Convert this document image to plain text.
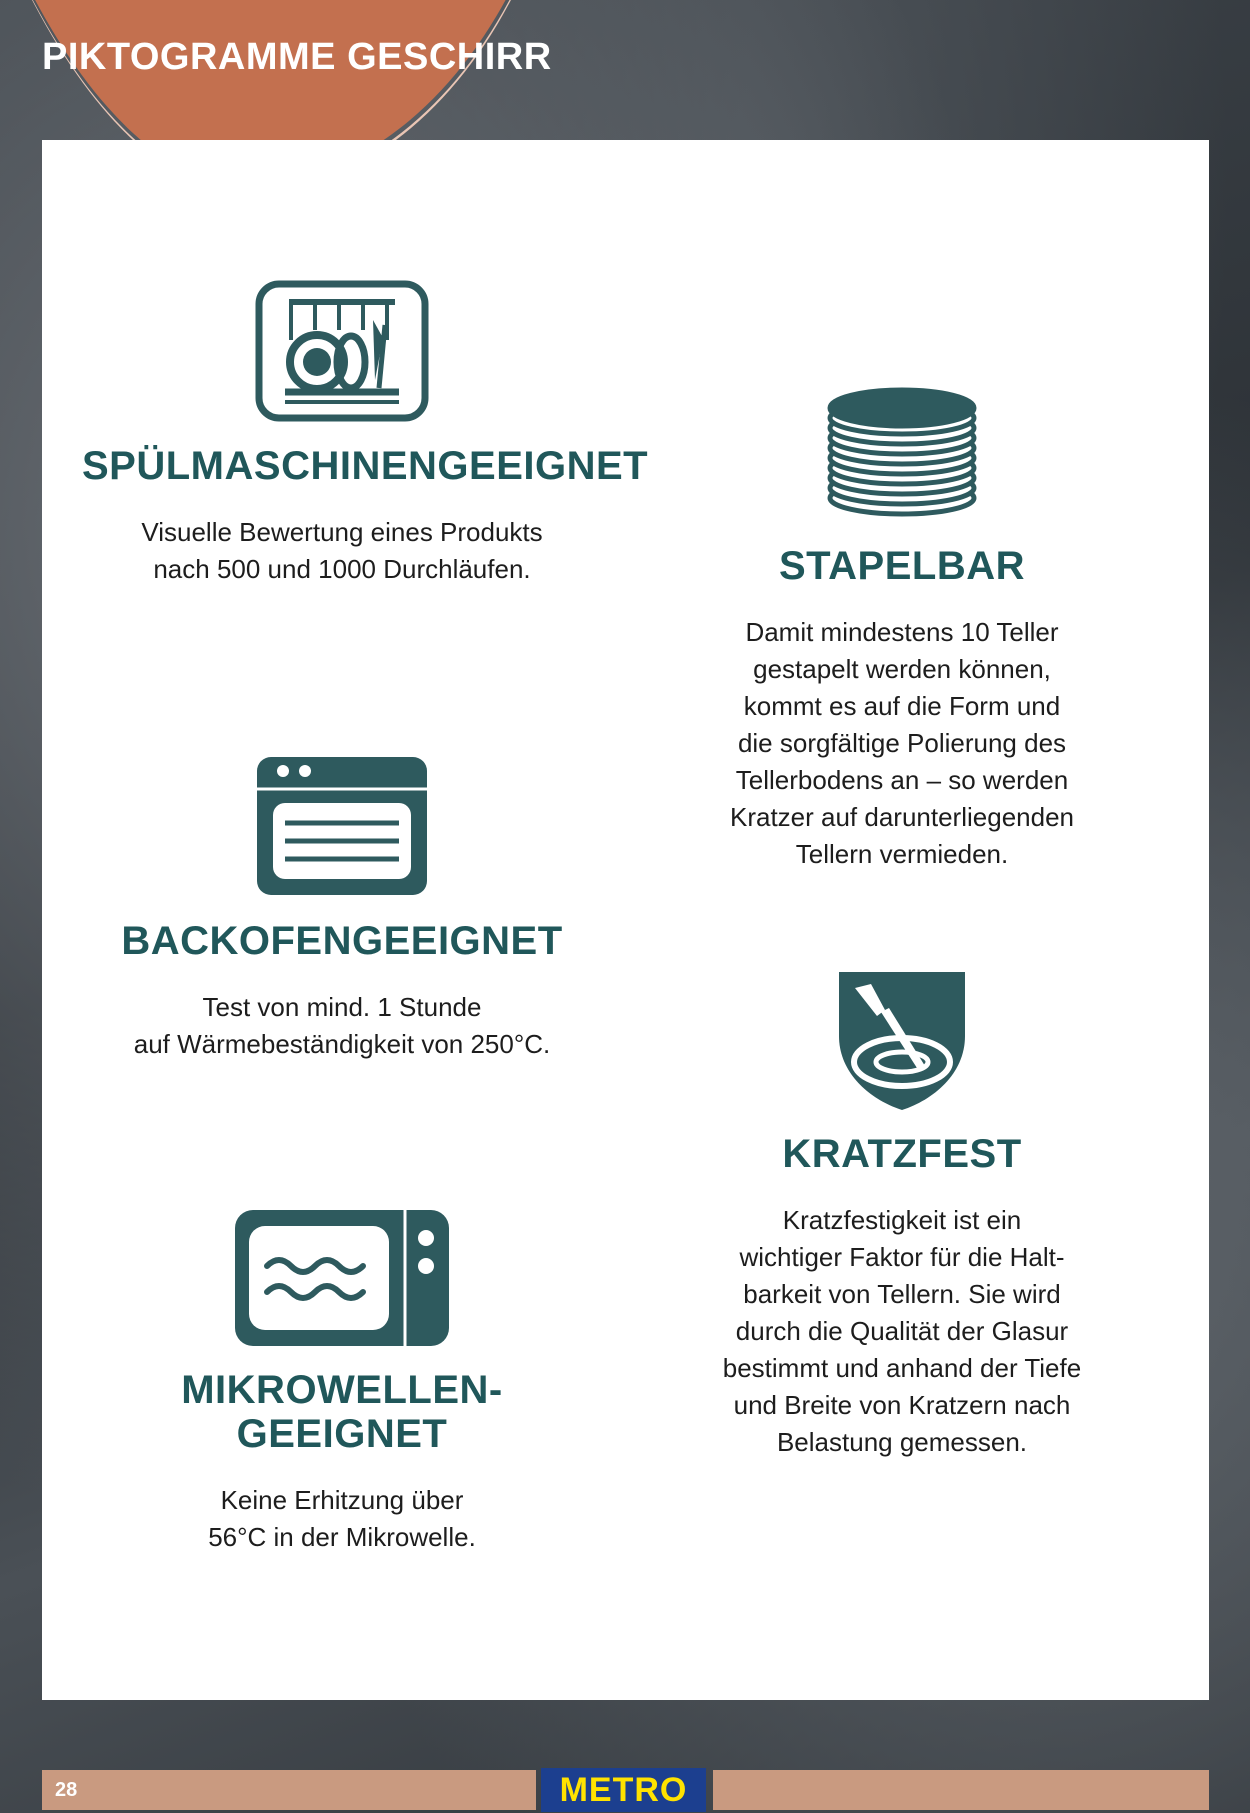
PIKTOGRAMME GESCHIRR
SPÜLMASCHINENGEEIGNET

Visuelle Bewertung eines Produkts
nach 500 und 1000 Durchläufen.	STAPELBAR

Damit mindestens 10 Teller
gestapelt werden können,
kommt es auf die Form und
die sorgfältige Polierung des
Tellerbodens an – so werden
Kratzer auf darunterliegenden
Tellern vermieden.

BACKOFENGEEIGNET

Test von mind. 1 Stunde
auf Wärmebeständigkeit von 250°C.

KRATZFEST

Kratzfestigkeit ist ein
wichtiger Faktor für die Halt-
barkeit von Tellern. Sie wird
durch die Qualität der Glasur
bestimmt und anhand der Tiefe
und Breite von Kratzern nach
Belastung gemessen.

MIKROWELLEN-
GEEIGNET

Keine Erhitzung über
56°C in der Mikrowelle.

28	METRO
